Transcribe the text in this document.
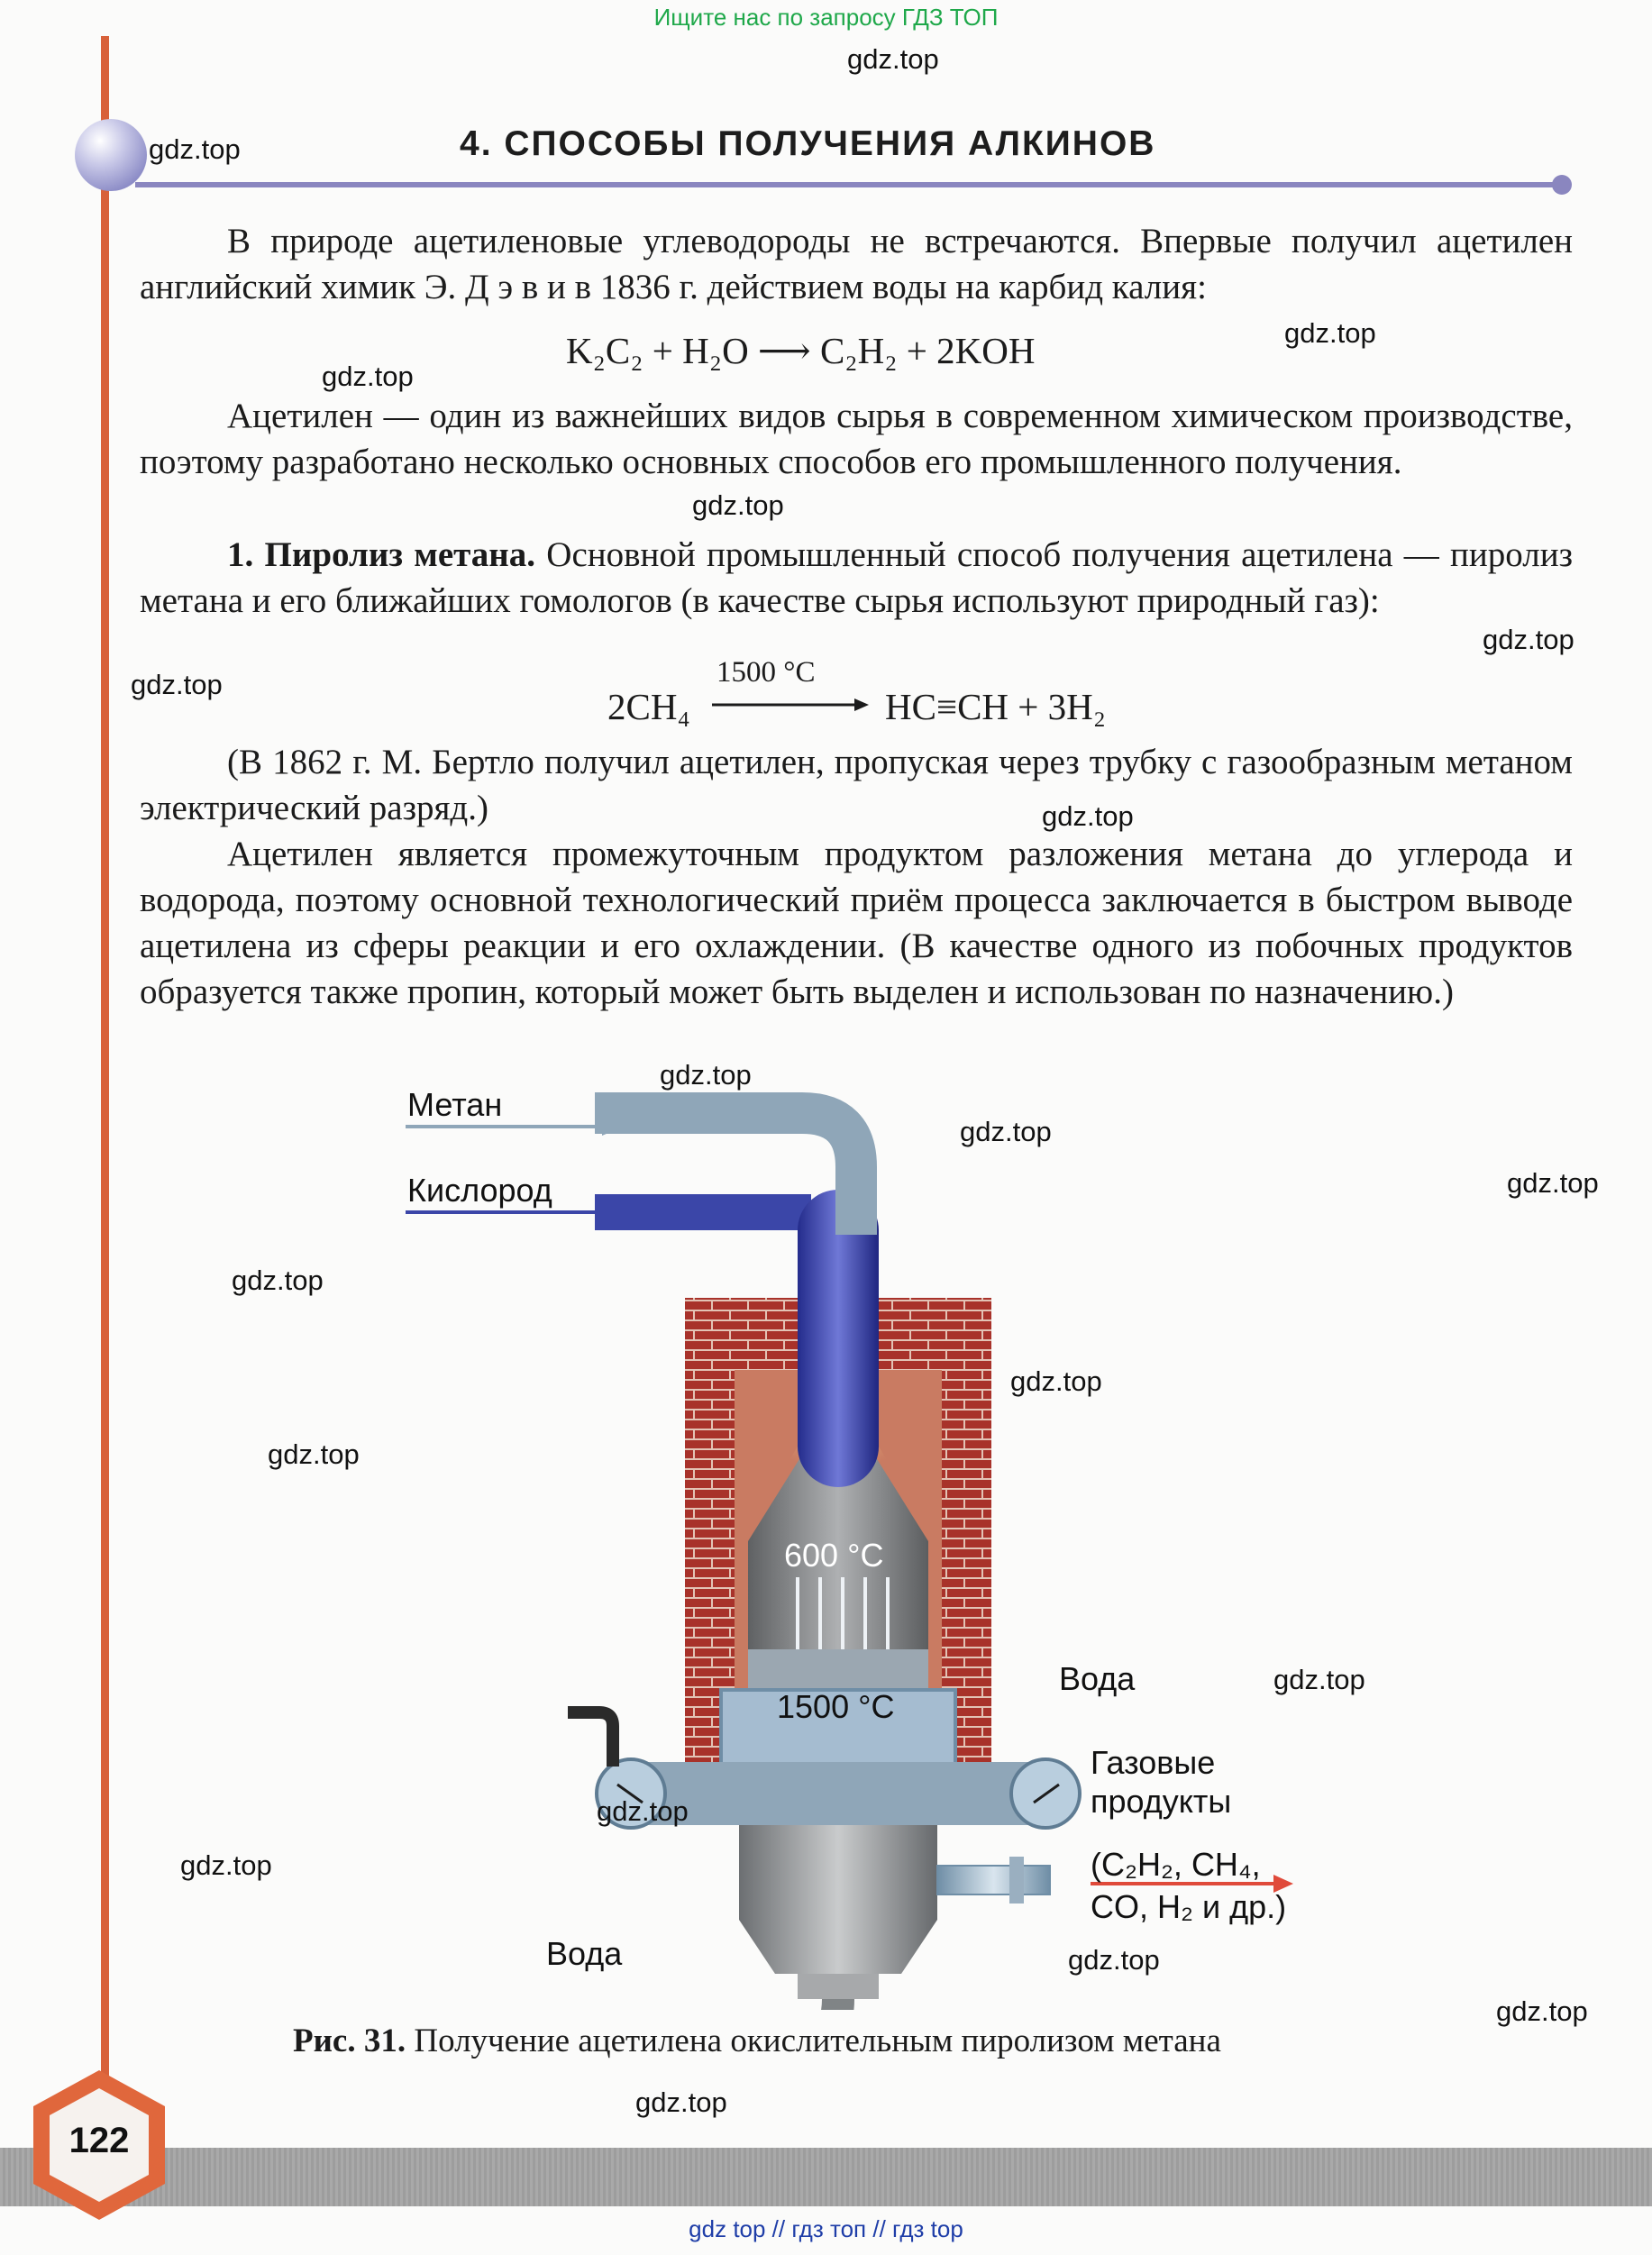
Ищите нас по запросу ГДЗ ТОП
4. СПОСОБЫ ПОЛУЧЕНИЯ АЛКИНОВ
В природе ацетиленовые углеводороды не встречаются. Впервые получил ацетилен английский химик Э. Д э в и в 1836 г. действием воды на карбид калия:
K₂C₂ + H₂O ⟶ C₂H₂ + 2KOH
Ацетилен — один из важнейших видов сырья в современном химическом производстве, поэтому разработано несколько основных способов его промышленного получения.
1. Пиролиз метана. Основной промышленный способ получения ацетилена — пиролиз метана и его ближайших гомологов (в качестве сырья используют природный газ):
2CH₄
1500 °C
HC≡CH + 3H₂
(В 1862 г. М. Бертло получил ацетилен, пропуская через трубку с газообразным метаном электрический разряд.)
Ацетилен является промежуточным продуктом разложения метана до углерода и водорода, поэтому основной технологический приём процесса заключается в быстром выводе ацетилена из сферы реакции и его охлаждении. (В качестве одного из побочных продуктов образуется также пропин, который может быть выделен и использован по назначению.)
Метан
Кислород
600 °C
1500 °C
Вода
Газовые
продукты
(C₂H₂, CH₄,
CO, H₂ и др.)
Вода
Рис. 31. Получение ацетилена окислительным пиролизом метана
122
gdz.top
gdz.top
gdz.top
gdz.top
gdz.top
gdz.top
gdz.top
gdz.top
gdz.top
gdz.top
gdz.top
gdz.top
gdz.top
gdz.top
gdz.top
gdz.top
gdz.top
gdz.top
gdz.top
gdz.top
gdz top // гдз топ // гдз top
